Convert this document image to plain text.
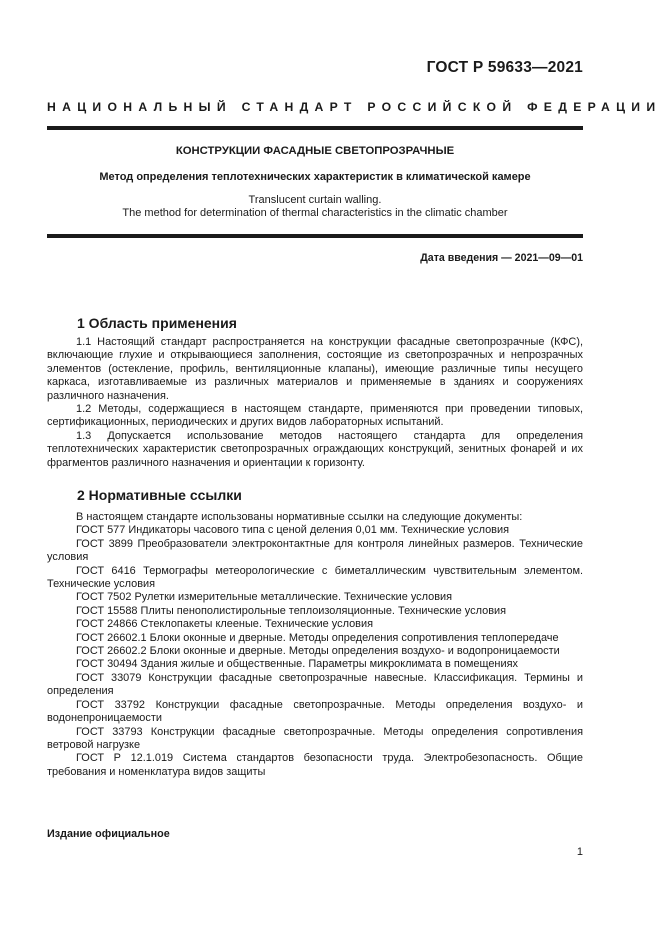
ГОСТ Р 59633—2021
НАЦИОНАЛЬНЫЙ СТАНДАРТ РОССИЙСКОЙ ФЕДЕРАЦИИ
КОНСТРУКЦИИ ФАСАДНЫЕ СВЕТОПРОЗРАЧНЫЕ
Метод определения теплотехнических характеристик в климатической камере
Translucent curtain walling.
The method for determination of thermal characteristics in the climatic chamber
Дата введения — 2021—09—01
1 Область применения

1.1 Настоящий стандарт распространяется на конструкции фасадные светопрозрачные (КФС), включающие глухие и открывающиеся заполнения, состоящие из светопрозрачных и непрозрачных элементов (остекление, профиль, вентиляционные клапаны), имеющие различные типы несущего каркаса, изготавливаемые из различных материалов и применяемые в зданиях и сооружениях различного назначения.

1.2 Методы, содержащиеся в настоящем стандарте, применяются при проведении типовых, сертификационных, периодических и других видов лабораторных испытаний.

1.3 Допускается использование методов настоящего стандарта для определения теплотехнических характеристик светопрозрачных ограждающих конструкций, зенитных фонарей и их фрагментов различного назначения и ориентации к горизонту.

2 Нормативные ссылки

В настоящем стандарте использованы нормативные ссылки на следующие документы:

ГОСТ 577 Индикаторы часового типа с ценой деления 0,01 мм. Технические условия

ГОСТ 3899 Преобразователи электроконтактные для контроля линейных размеров. Технические условия

ГОСТ 6416 Термографы метеорологические с биметаллическим чувствительным элементом. Технические условия

ГОСТ 7502 Рулетки измерительные металлические. Технические условия

ГОСТ 15588 Плиты пенополистирольные теплоизоляционные. Технические условия

ГОСТ 24866 Стеклопакеты клееные. Технические условия

ГОСТ 26602.1 Блоки оконные и дверные. Методы определения сопротивления теплопередаче

ГОСТ 26602.2 Блоки оконные и дверные. Методы определения воздухо- и водопроницаемости

ГОСТ 30494 Здания жилые и общественные. Параметры микроклимата в помещениях

ГОСТ 33079 Конструкции фасадные светопрозрачные навесные. Классификация. Термины и определения

ГОСТ 33792 Конструкции фасадные светопрозрачные. Методы определения воздухо- и водонепроницаемости

ГОСТ 33793 Конструкции фасадные светопрозрачные. Методы определения сопротивления ветровой нагрузке

ГОСТ Р 12.1.019 Система стандартов безопасности труда. Электробезопасность. Общие требования и номенклатура видов защиты

Издание официальное
1
